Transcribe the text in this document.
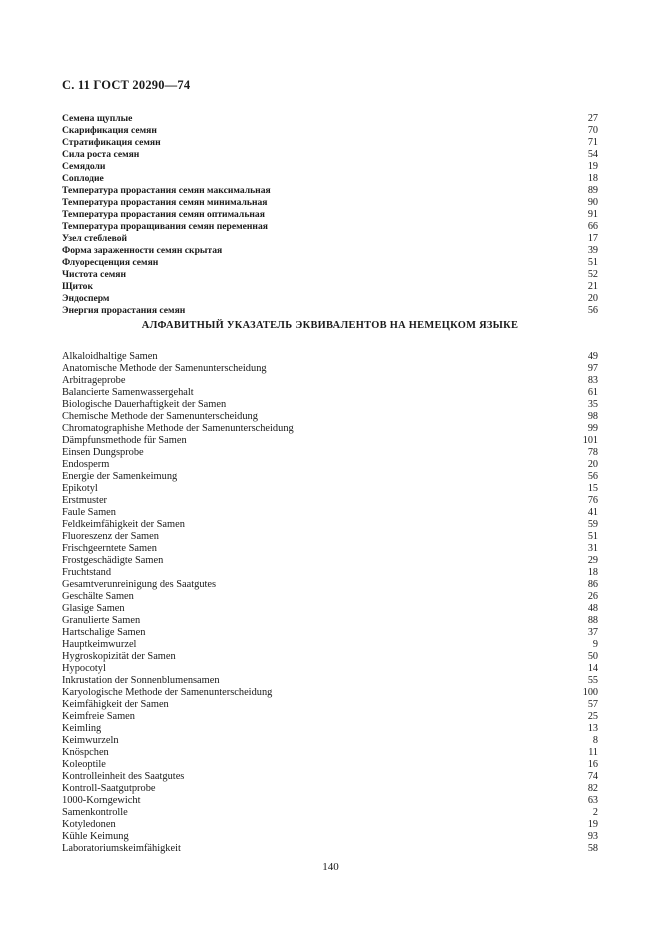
С. 11 ГОСТ 20290—74
Семена щуплые	27
Скарификация семян	70
Стратификация семян	71
Сила роста семян	54
Семядоли	19
Соплодие	18
Температура прорастания семян максимальная	89
Температура прорастания семян минимальная	90
Температура прорастания семян оптимальная	91
Температура проращивания семян переменная	66
Узел стеблевой	17
Форма зараженности семян скрытая	39
Флуоресценция семян	51
Чистота семян	52
Щиток	21
Эндосперм	20
Энергия прорастания семян	56
АЛФАВИТНЫЙ УКАЗАТЕЛЬ ЭКВИВАЛЕНТОВ НА НЕМЕЦКОМ ЯЗЫКЕ
Alkaloidhaltige Samen	49
Anatomische Methode der Samenunterscheidung	97
Arbitrageprobe	83
Balancierte Samenwassergehalt	61
Biologische Dauerhaftigkeit der Samen	35
Chemische Methode der Samenunterscheidung	98
Chromatographishe Methode der Samenunterscheidung	99
Dämpfunsmethode für Samen	101
Einsen Dungsprobe	78
Endosperm	20
Energie der Samenkeimung	56
Epikotyl	15
Erstmuster	76
Faule Samen	41
Feldkeimfähigkeit der Samen	59
Fluoreszenz der Samen	51
Frischgeerntete Samen	31
Frostgeschädigte Samen	29
Fruchtstand	18
Gesamtverunreinigung des Saatgutes	86
Geschälte Samen	26
Glasige Samen	48
Granulierte Samen	88
Hartschalige Samen	37
Hauptkeimwurzel	9
Hygroskopizität der Samen	50
Hypocotyl	14
Inkrustation der Sonnenblumensamen	55
Karyologische Methode der Samenunterscheidung	100
Keimfähigkeit der Samen	57
Keimfreie Samen	25
Keimling	13
Keimwurzeln	8
Knöspchen	11
Koleoptile	16
Kontrolleinheit des Saatgutes	74
Kontroll-Saatgutprobe	82
1000-Korngewicht	63
Samenkontrolle	2
Kotyledonen	19
Kühle Keimung	93
Laboratoriumskeimfähigkeit	58
140
